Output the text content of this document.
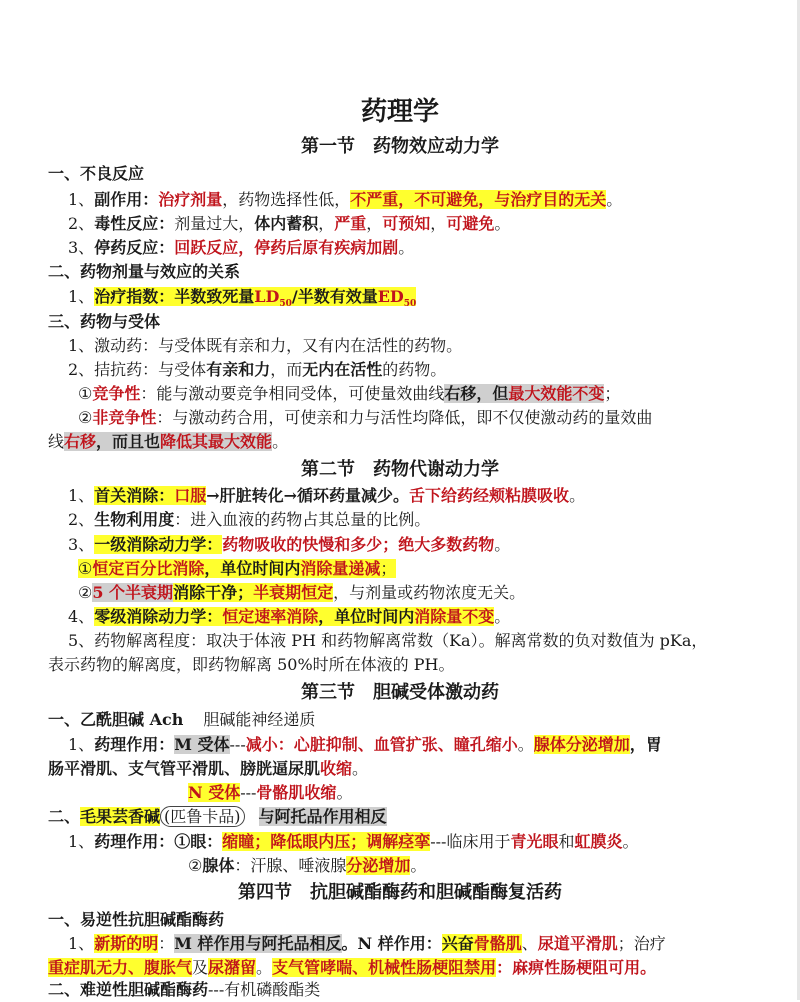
药理学
第一节　药物效应动力学
一、不良反应
1、副作用：治疗剂量，药物选择性低，不严重，不可避免，与治疗目的无关。
2、毒性反应：剂量过大，体内蓄积，严重，可预知，可避免。
3、停药反应：回跃反应，停药后原有疾病加剧。
二、药物剂量与效应的关系
1、治疗指数：半数致死量$LD_{50}/$半数有效量$ED_{50}$
三、药物与受体
1、激动药：与受体既有亲和力，又有内在活性的药物。
2、拮抗药：与受体有亲和力，而无内在活性的药物。
①竞争性：能与激动要竞争相同受体，可使量效曲线右移，但最大效能不变；
②非竞争性：与激动药合用，可使亲和力与活性均降低，即不仅使激动药的量效曲
线右移，而且也降低其最大效能。
第二节　药物代谢动力学
1、首关消除：口服→肝脏转化→循环药量减少。舌下给药经颊粘膜吸收。
2、生物利用度：进入血液的药物占其总量的比例。
3、一级消除动力学：药物吸收的快慢和多少；绝大多数药物。
①恒定百分比消除，单位时间内消除量递减；
②5 个半衰期消除干净；半衰期恒定，与剂量或药物浓度无关。
4、零级消除动力学：恒定速率消除，单位时间内消除量不变。
5、药物解离程度：取决于体液 PH 和药物解离常数（Ka）。解离常数的负对数值为 pKa，
表示药物的解离度，即药物解离 50%时所在体液的 PH。
第三节　胆碱受体激动药
一、乙酰胆碱 Ach 胆碱能神经递质
1、药理作用：M 受体---减小：心脏抑制、血管扩张、瞳孔缩小。腺体分泌增加，胃
肠平滑肌、支气管平滑肌、膀胱逼尿肌收缩。
N 受体---骨骼肌收缩。
二、毛果芸香碱 (匹鲁卡品) 与阿托品作用相反
1、药理作用：①眼：缩瞳；降低眼内压；调解痉挛---临床用于青光眼和虹膜炎。
②腺体：汗腺、唾液腺分泌增加。
第四节　抗胆碱酯酶药和胆碱酯酶复活药
一、易逆性抗胆碱酯酶药
1、新斯的明：M 样作用与阿托品相反。N 样作用：兴奋骨骼肌、尿道平滑肌；治疗
重症肌无力、腹胀气及尿潴留。支气管哮喘、机械性肠梗阻禁用：麻痹性肠梗阻可用。
二、难逆性胆碱酯酶药---有机磷酸酯类
